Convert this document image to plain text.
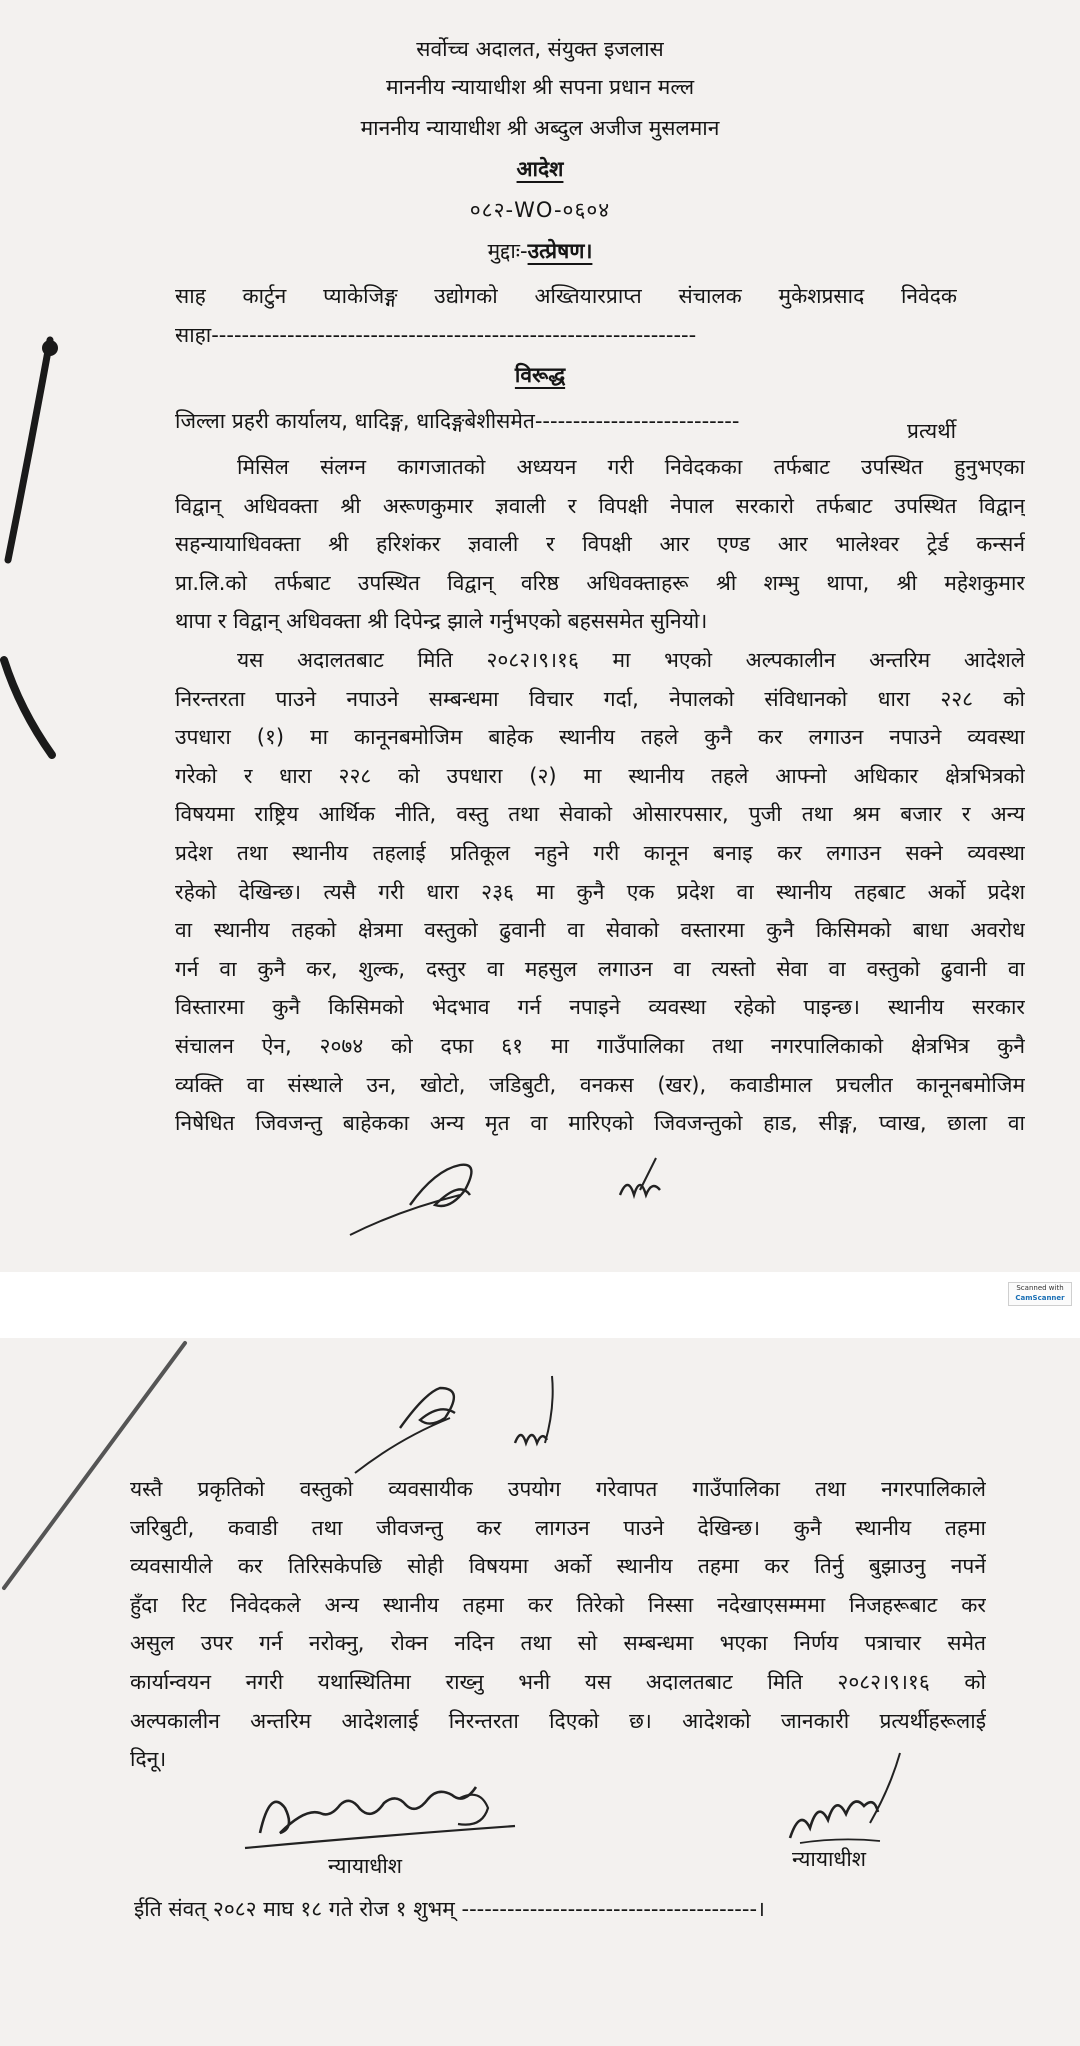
सर्वोच्च अदालत, संयुक्त इजलास
माननीय न्यायाधीश श्री सपना प्रधान मल्ल
माननीय न्यायाधीश श्री अब्दुल अजीज मुसलमान
आदेश
०८२-WO-०६०४
मुद्दाः-उत्प्रेषण।
साह कार्टुन प्याकेजिङ्ग उद्योगको अख्तियारप्राप्त संचालक मुकेशप्रसाद निवेदक
साहा----------------------------------------------------------------
विरूद्ध
जिल्ला प्रहरी कार्यालय, धादिङ्ग, धादिङ्गबेशीसमेत---------------------------	प्रत्यर्थी
मिसिल संलग्न कागजातको अध्ययन गरी निवेदकका तर्फबाट उपस्थित हुनुभएका
विद्वान् अधिवक्ता श्री अरूणकुमार ज्ञवाली र विपक्षी नेपाल सरकारो तर्फबाट उपस्थित विद्वान्
सहन्यायाधिवक्ता श्री हरिशंकर ज्ञवाली र विपक्षी आर एण्ड आर भालेश्वर ट्रेर्ड कन्सर्न
प्रा.लि.को तर्फबाट उपस्थित विद्वान् वरिष्ठ अधिवक्ताहरू श्री शम्भु थापा, श्री महेशकुमार
थापा र विद्वान् अधिवक्ता श्री दिपेन्द्र झाले गर्नुभएको बहससमेत सुनियो।
यस अदालतबाट मिति २०८२।९।१६ मा भएको अल्पकालीन अन्तरिम आदेशले
निरन्तरता पाउने नपाउने सम्बन्धमा विचार गर्दा, नेपालको संविधानको धारा २२८ को
उपधारा (१) मा कानूनबमोजिम बाहेक स्थानीय तहले कुनै कर लगाउन नपाउने व्यवस्था
गरेको र धारा २२८ को उपधारा (२) मा स्थानीय तहले आफ्नो अधिकार क्षेत्रभित्रको
विषयमा राष्ट्रिय आर्थिक नीति, वस्तु तथा सेवाको ओसारपसार, पुजी तथा श्रम बजार र अन्य
प्रदेश तथा स्थानीय तहलाई प्रतिकूल नहुने गरी कानून बनाइ कर लगाउन सक्ने व्यवस्था
रहेको देखिन्छ। त्यसै गरी धारा २३६ मा कुनै एक प्रदेश वा स्थानीय तहबाट अर्को प्रदेश
वा स्थानीय तहको क्षेत्रमा वस्तुको ढुवानी वा सेवाको वस्तारमा कुनै किसिमको बाधा अवरोध
गर्न वा कुनै कर, शुल्क, दस्तुर वा महसुल लगाउन वा त्यस्तो सेवा वा वस्तुको ढुवानी वा
विस्तारमा कुनै किसिमको भेदभाव गर्न नपाइने व्यवस्था रहेको पाइन्छ। स्थानीय सरकार
संचालन ऐन, २०७४ को दफा ६१ मा गाउँपालिका तथा नगरपालिकाको क्षेत्रभित्र कुनै
व्यक्ति वा संस्थाले उन, खोटो, जडिबुटी, वनकस (खर), कवाडीमाल प्रचलीत कानूनबमोजिम
निषेधित जिवजन्तु बाहेकका अन्य मृत वा मारिएको जिवजन्तुको हाड, सीङ्ग, प्वाख, छाला वा
Scanned with
CamScanner
यस्तै प्रकृतिको वस्तुको व्यवसायीक उपयोग गरेवापत गाउँपालिका तथा नगरपालिकाले
जरिबुटी, कवाडी तथा जीवजन्तु कर लागउन पाउने देखिन्छ। कुनै स्थानीय तहमा
व्यवसायीले कर तिरिसकेपछि सोही विषयमा अर्को स्थानीय तहमा कर तिर्नु बुझाउनु नपर्ने
हुँदा रिट निवेदकले अन्य स्थानीय तहमा कर तिरेको निस्सा नदेखाएसम्ममा निजहरूबाट कर
असुल उपर गर्न नरोक्नु, रोक्न नदिन तथा सो सम्बन्धमा भएका निर्णय पत्राचार समेत
कार्यान्वयन नगरी यथास्थितिमा राख्नु भनी यस अदालतबाट मिति २०८२।९।१६ को
अल्पकालीन अन्तरिम आदेशलाई निरन्तरता दिएको छ। आदेशको जानकारी प्रत्यर्थीहरूलाई
दिनू।
न्यायाधीश	न्यायाधीश
ईति संवत् २०८२ माघ १८ गते रोज १ शुभम् ---------------------------------------।
